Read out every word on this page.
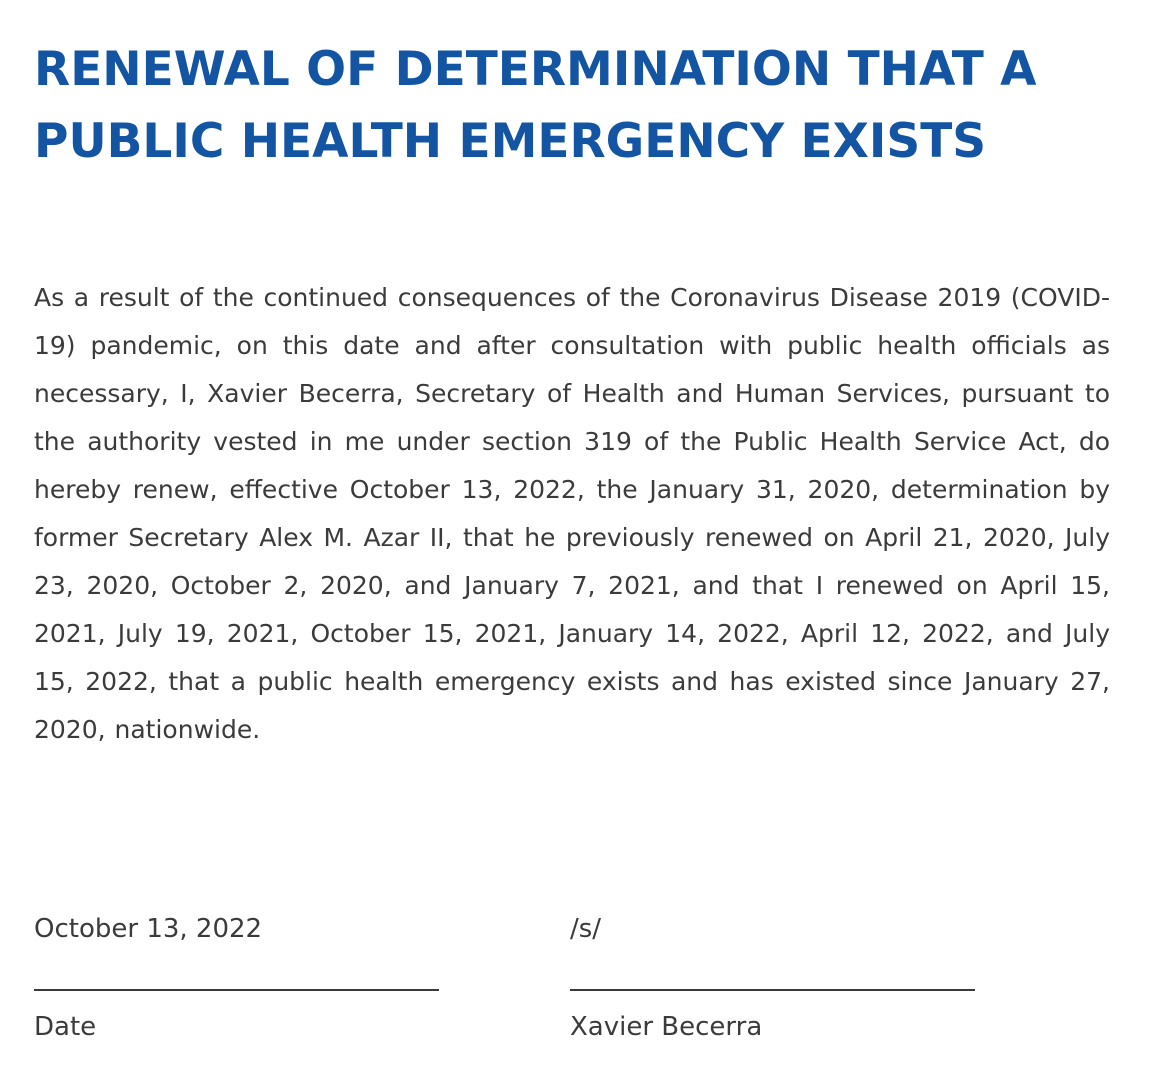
RENEWAL OF DETERMINATION THAT A
PUBLIC HEALTH EMERGENCY EXISTS

As a result of the continued consequences of the Coronavirus Disease 2019 (COVID-19) pandemic, on this date and after consultation with public health officials as necessary, I, Xavier Becerra, Secretary of Health and Human Services, pursuant to the authority vested in me under section 319 of the Public Health Service Act, do hereby renew, effective October 13, 2022, the January 31, 2020, determination by former Secretary Alex M. Azar II, that he previously renewed on April 21, 2020, July 23, 2020, October 2, 2020, and January 7, 2021, and that I renewed on April 15, 2021, July 19, 2021, October 15, 2021, January 14, 2022, April 12, 2022, and July 15, 2022, that a public health emergency exists and has existed since January 27, 2020, nationwide.

October 13, 2022
Date
/s/
Xavier Becerra
